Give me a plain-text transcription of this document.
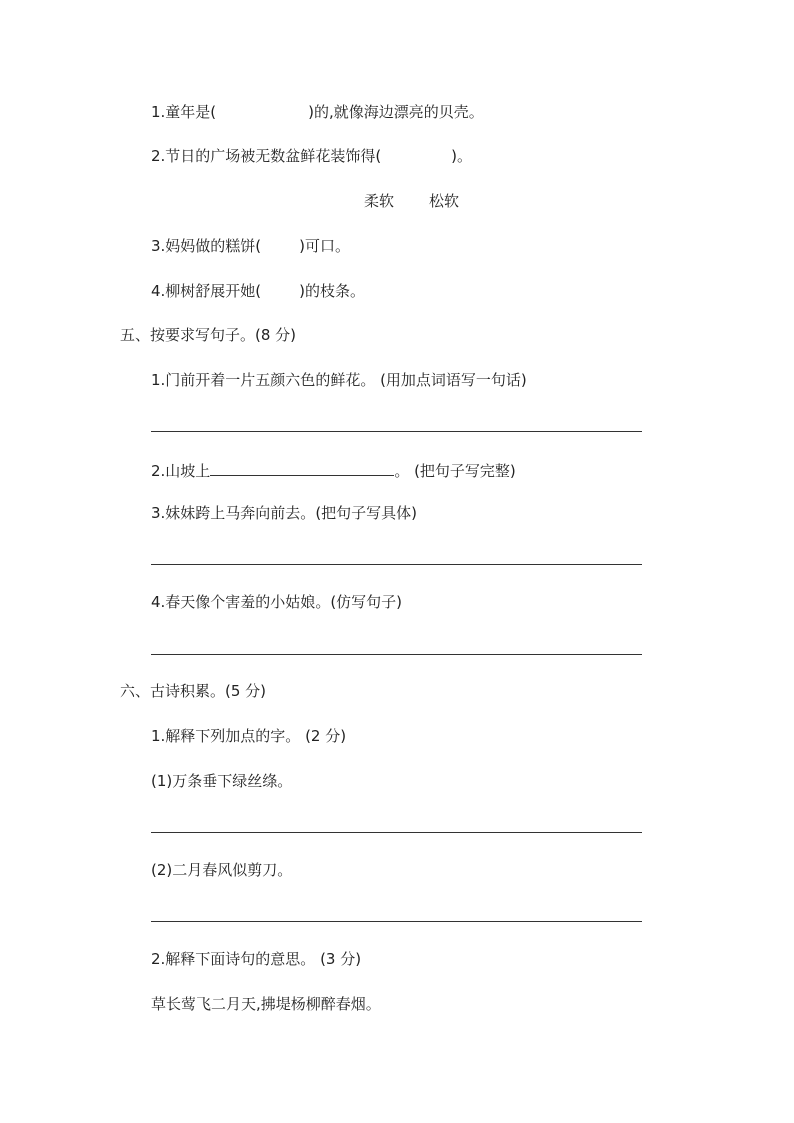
1.童年是(	)的,就像海边漂亮的贝壳。
2.节日的广场被无数盆鲜花装饰得(	)。
柔软 松软
3.妈妈做的糕饼(	)可口。
4.柳树舒展开她(	)的枝条。
五、按要求写句子。(8 分)
1.门前开着一片五颜六色的鲜花。 (用加点词语写一句话)
2.山坡上	。 (把句子写完整)
3.妹妹跨上马奔向前去。(把句子写具体)
4.春天像个害羞的小姑娘。(仿写句子)
六、古诗积累。(5 分)
1.解释下列加点的字。 (2 分)
(1)万条垂下绿丝绦。
(2)二月春风似剪刀。
2.解释下面诗句的意思。 (3 分)
草长莺飞二月天,拂堤杨柳醉春烟。
